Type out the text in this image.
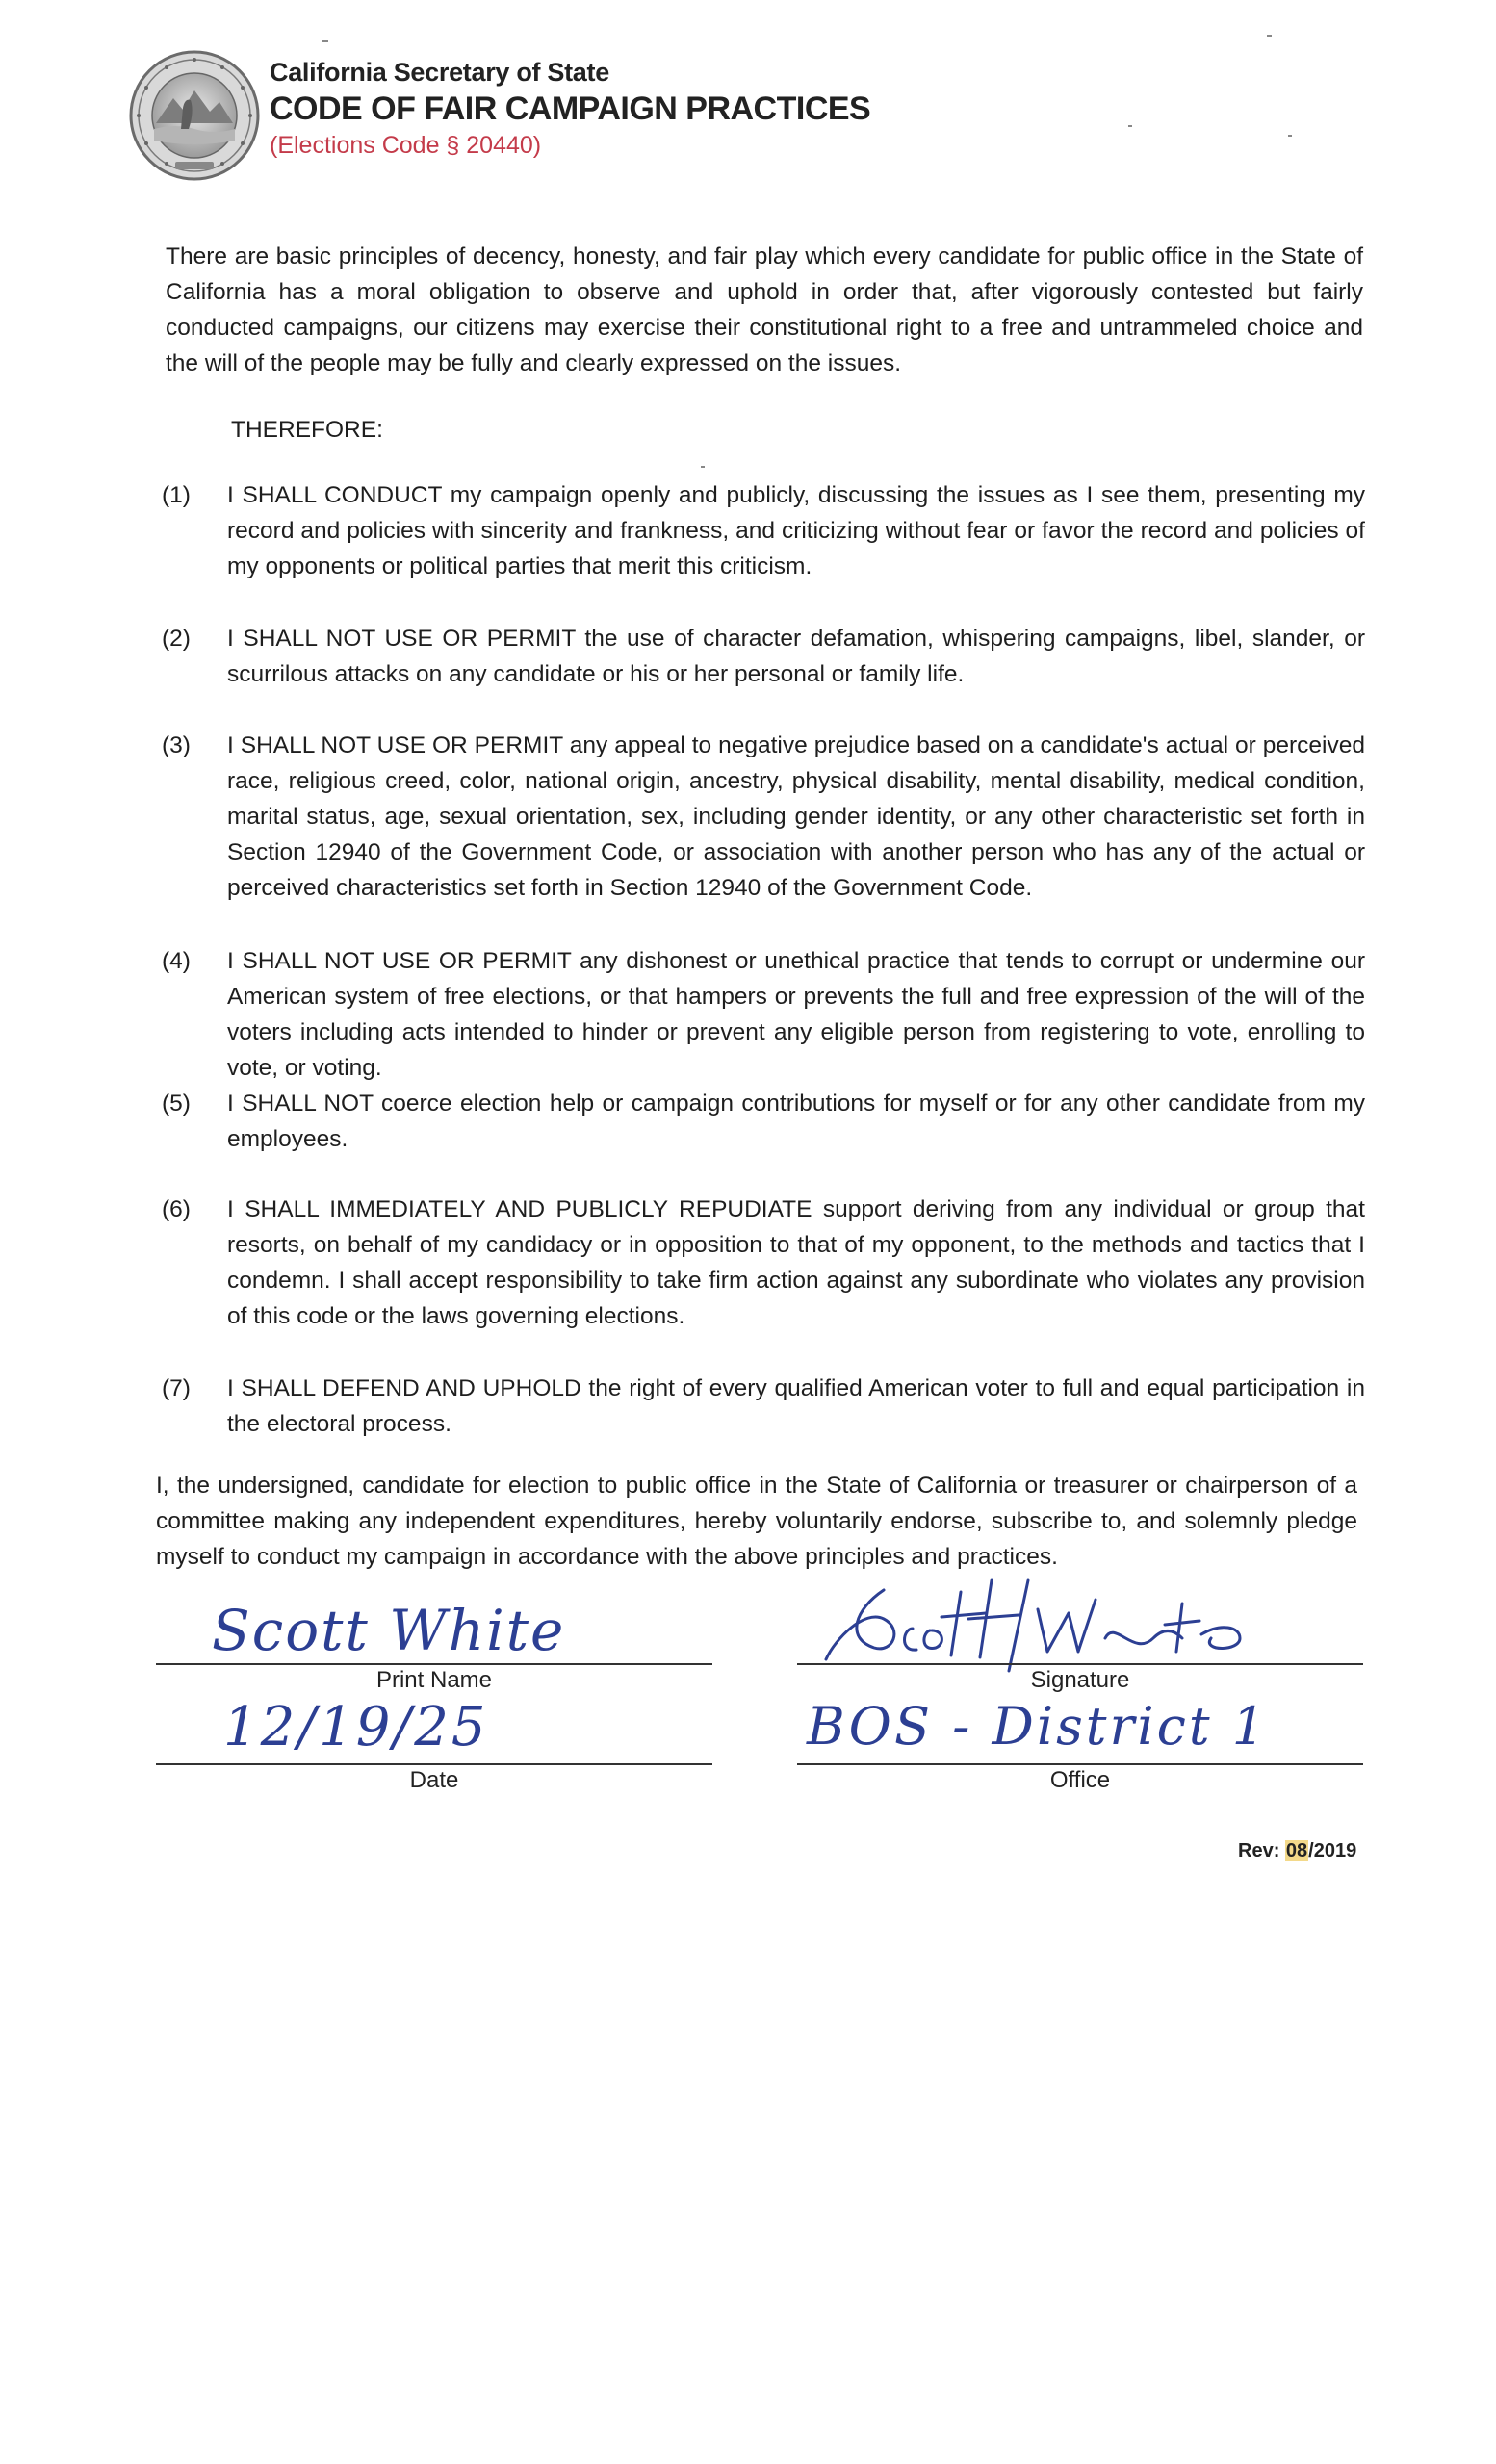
California Secretary of State
CODE OF FAIR CAMPAIGN PRACTICES
(Elections Code § 20440)
There are basic principles of decency, honesty, and fair play which every candidate for public office in the State of California has a moral obligation to observe and uphold in order that, after vigorously contested but fairly conducted campaigns, our citizens may exercise their constitutional right to a free and untrammeled choice and the will of the people may be fully and clearly expressed on the issues.
THEREFORE:
(1) I SHALL CONDUCT my campaign openly and publicly, discussing the issues as I see them, presenting my record and policies with sincerity and frankness, and criticizing without fear or favor the record and policies of my opponents or political parties that merit this criticism.
(2) I SHALL NOT USE OR PERMIT the use of character defamation, whispering campaigns, libel, slander, or scurrilous attacks on any candidate or his or her personal or family life.
(3) I SHALL NOT USE OR PERMIT any appeal to negative prejudice based on a candidate's actual or perceived race, religious creed, color, national origin, ancestry, physical disability, mental disability, medical condition, marital status, age, sexual orientation, sex, including gender identity, or any other characteristic set forth in Section 12940 of the Government Code, or association with another person who has any of the actual or perceived characteristics set forth in Section 12940 of the Government Code.
(4) I SHALL NOT USE OR PERMIT any dishonest or unethical practice that tends to corrupt or undermine our American system of free elections, or that hampers or prevents the full and free expression of the will of the voters including acts intended to hinder or prevent any eligible person from registering to vote, enrolling to vote, or voting.
(5) I SHALL NOT coerce election help or campaign contributions for myself or for any other candidate from my employees.
(6) I SHALL IMMEDIATELY AND PUBLICLY REPUDIATE support deriving from any individual or group that resorts, on behalf of my candidacy or in opposition to that of my opponent, to the methods and tactics that I condemn. I shall accept responsibility to take firm action against any subordinate who violates any provision of this code or the laws governing elections.
(7) I SHALL DEFEND AND UPHOLD the right of every qualified American voter to full and equal participation in the electoral process.
I, the undersigned, candidate for election to public office in the State of California or treasurer or chairperson of a committee making any independent expenditures, hereby voluntarily endorse, subscribe to, and solemnly pledge myself to conduct my campaign in accordance with the above principles and practices.
Scott White
Print Name	Signature
12/19/25
Date
BOS - District 1
Office
Rev: 08/2019
